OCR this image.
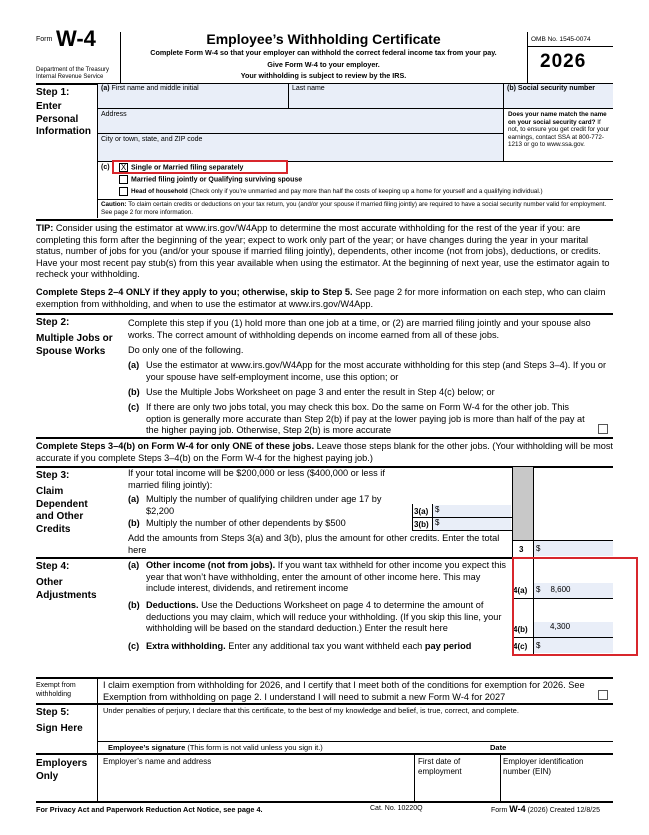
Form W-4
Department of the Treasury
Internal Revenue Service
Employee’s Withholding Certificate
Complete Form W-4 so that your employer can withhold the correct federal income tax from your pay.
Give Form W-4 to your employer.
Your withholding is subject to review by the IRS.
OMB No. 1545-0074
2026
Step 1:
Enter Personal Information
(a) First name and middle initial	Last name	(b) Social security number
Address
City or town, state, and ZIP code
Does your name match the name on your social security card? If not, to ensure you get credit for your earnings, contact SSA at 800-772-1213 or go to www.ssa.gov.
(c) X Single or Married filing separately
Married filing jointly or Qualifying surviving spouse
Head of household (Check only if you’re unmarried and pay more than half the costs of keeping up a home for yourself and a qualifying individual.)
Caution: To claim certain credits or deductions on your tax return, you (and/or your spouse if married filing jointly) are required to have a social security number valid for employment. See page 2 for more information.
TIP: Consider using the estimator at www.irs.gov/W4App to determine the most accurate withholding for the rest of the year if you: are completing this form after the beginning of the year; expect to work only part of the year; or have changes during the year in your marital status, number of jobs for you (and/or your spouse if married filing jointly), dependents, other income (not from jobs), deductions, or credits. Have your most recent pay stub(s) from this year available when using the estimator. At the beginning of next year, use the estimator again to recheck your withholding.
Complete Steps 2–4 ONLY if they apply to you; otherwise, skip to Step 5. See page 2 for more information on each step, who can claim exemption from withholding, and when to use the estimator at www.irs.gov/W4App.
Step 2:
Multiple Jobs or Spouse Works
Complete this step if you (1) hold more than one job at a time, or (2) are married filing jointly and your spouse also works. The correct amount of withholding depends on income earned from all of these jobs.
Do only one of the following.
(a) Use the estimator at www.irs.gov/W4App for the most accurate withholding for this step (and Steps 3–4). If you or your spouse have self-employment income, use this option; or
(b) Use the Multiple Jobs Worksheet on page 3 and enter the result in Step 4(c) below; or
(c) If there are only two jobs total, you may check this box. Do the same on Form W-4 for the other job. This option is generally more accurate than Step 2(b) if pay at the lower paying job is more than half of the pay at the higher paying job. Otherwise, Step 2(b) is more accurate
Complete Steps 3–4(b) on Form W-4 for only ONE of these jobs. Leave those steps blank for the other jobs. (Your withholding will be most accurate if you complete Steps 3–4(b) on the Form W-4 for the highest paying job.)
Step 3:
Claim Dependent and Other Credits
If your total income will be $200,000 or less ($400,000 or less if married filing jointly):
(a) Multiply the number of qualifying children under age 17 by $2,200
(b) Multiply the number of other dependents by $500
3(a) $
3(b) $
Add the amounts from Steps 3(a) and 3(b), plus the amount for other credits. Enter the total here	3 $
Step 4:
Other Adjustments
(a) Other income (not from jobs). If you want tax withheld for other income you expect this year that won’t have withholding, enter the amount of other income here. This may include interest, dividends, and retirement income
(b) Deductions. Use the Deductions Worksheet on page 4 to determine the amount of deductions you may claim, which will reduce your withholding. (If you skip this line, your withholding will be based on the standard deduction.) Enter the result here
(c) Extra withholding. Enter any additional tax you want withheld each pay period
4(a) $ 8,600
4(b)	4,300
4(c) $
Exempt from withholding
I claim exemption from withholding for 2026, and I certify that I meet both of the conditions for exemption for 2026. See Exemption from withholding on page 2. I understand I will need to submit a new Form W-4 for 2027
Step 5:
Sign Here
Under penalties of perjury, I declare that this certificate, to the best of my knowledge and belief, is true, correct, and complete.
Employee’s signature (This form is not valid unless you sign it.)	Date
Employers Only
Employer’s name and address	First date of employment
Employer identification number (EIN)
For Privacy Act and Paperwork Reduction Act Notice, see page 4.	Cat. No. 10220Q	Form W-4 (2026) Created 12/8/25
